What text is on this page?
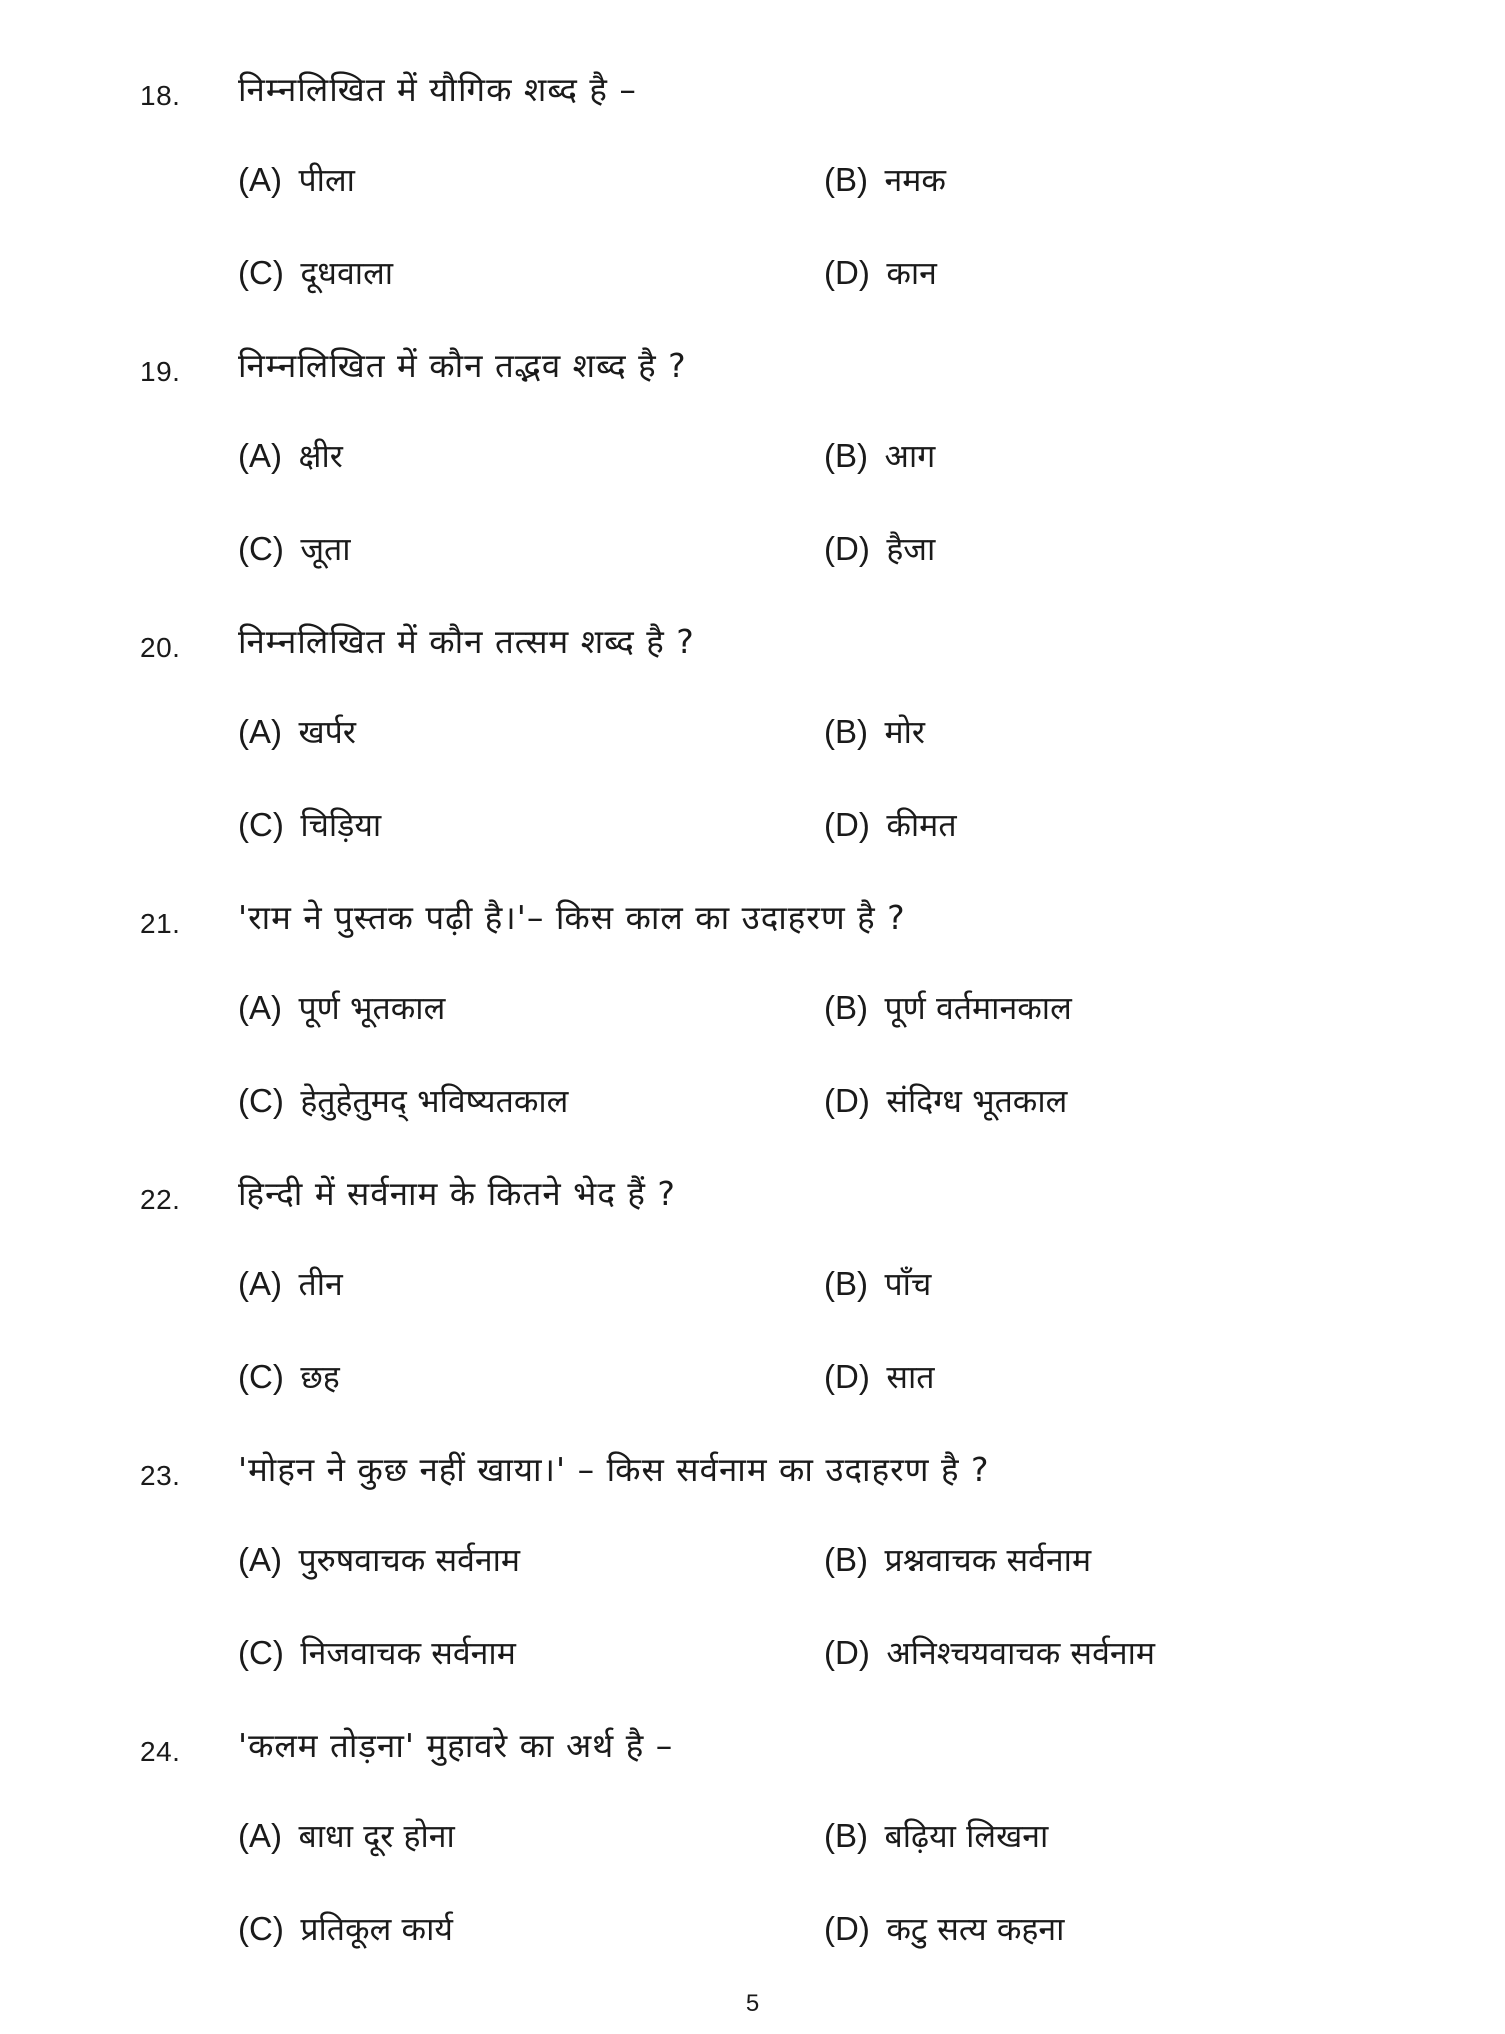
18. निम्नलिखित में यौगिक शब्द है –
(A) पीला	(B) नमक
(C) दूधवाला	(D) कान
19. निम्नलिखित में कौन तद्भव शब्द है ?
(A) क्षीर	(B) आग
(C) जूता	(D) हैजा
20. निम्नलिखित में कौन तत्सम शब्द है ?
(A) खर्पर	(B) मोर
(C) चिड़िया	(D) कीमत
21. 'राम ने पुस्तक पढ़ी है।'– किस काल का उदाहरण है ?
(A) पूर्ण भूतकाल	(B) पूर्ण वर्तमानकाल
(C) हेतुहेतुमद् भविष्यतकाल	(D) संदिग्ध भूतकाल
22. हिन्दी में सर्वनाम के कितने भेद हैं ?
(A) तीन	(B) पाँच
(C) छह	(D) सात
23. 'मोहन ने कुछ नहीं खाया।' – किस सर्वनाम का उदाहरण है ?
(A) पुरुषवाचक सर्वनाम	(B) प्रश्नवाचक सर्वनाम
(C) निजवाचक सर्वनाम	(D) अनिश्चयवाचक सर्वनाम
24. 'कलम तोड़ना' मुहावरे का अर्थ है –
(A) बाधा दूर होना	(B) बढ़िया लिखना
(C) प्रतिकूल कार्य	(D) कटु सत्य कहना
5
